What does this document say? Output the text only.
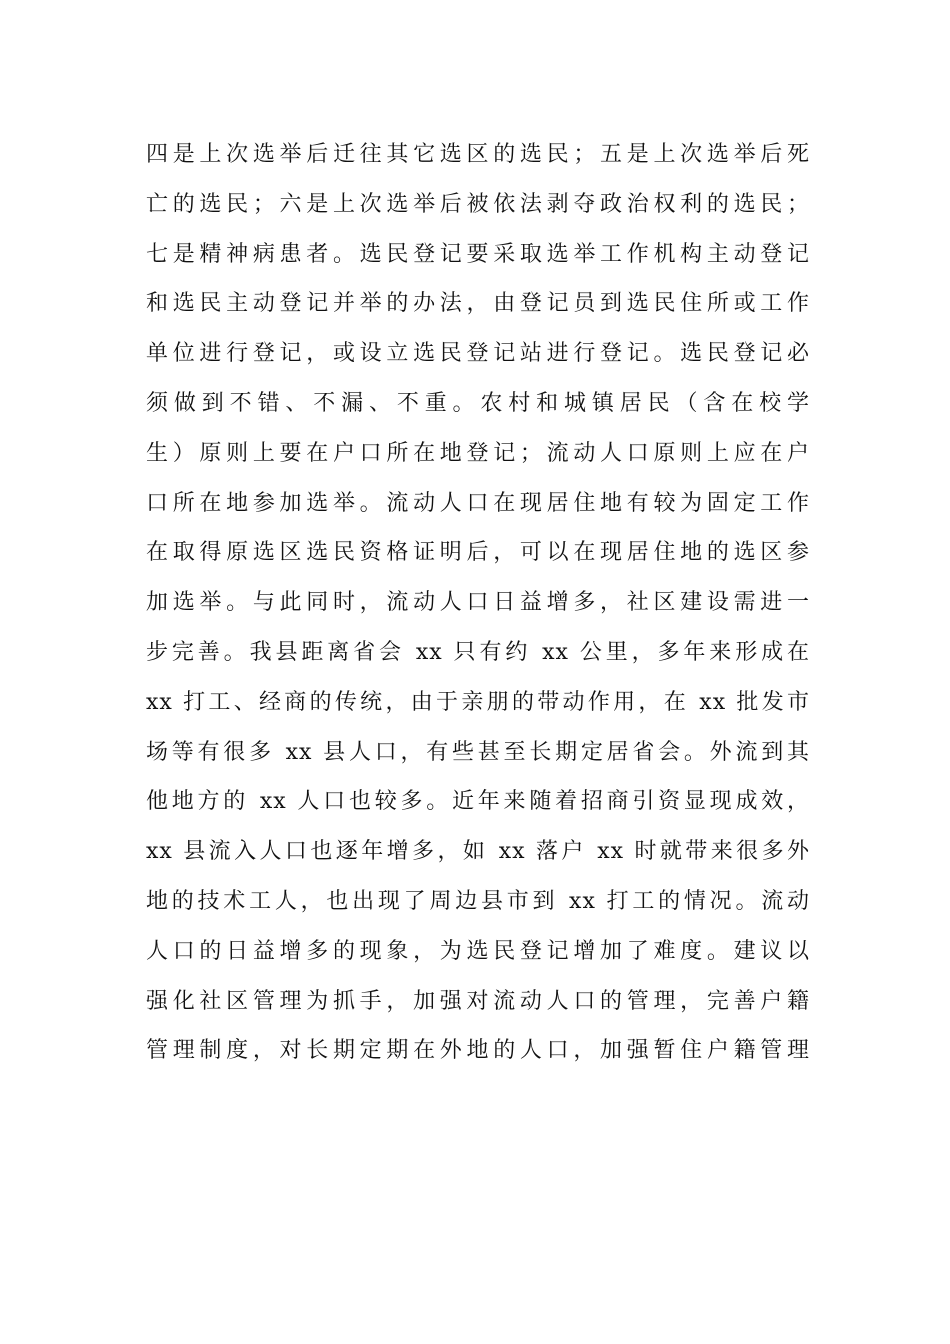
四是上次选举后迁往其它选区的选民；五是上次选举后死
亡的选民；六是上次选举后被依法剥夺政治权利的选民；
七是精神病患者。选民登记要采取选举工作机构主动登记
和选民主动登记并举的办法，由登记员到选民住所或工作
单位进行登记，或设立选民登记站进行登记。选民登记必
须做到不错、不漏、不重。农村和城镇居民（含在校学
生）原则上要在户口所在地登记；流动人口原则上应在户
口所在地参加选举。流动人口在现居住地有较为固定工作
在取得原选区选民资格证明后，可以在现居住地的选区参
加选举。与此同时，流动人口日益增多，社区建设需进一
步完善。我县距离省会 xx 只有约 xx 公里，多年来形成在
xx 打工、经商的传统，由于亲朋的带动作用，在 xx 批发市
场等有很多 xx 县人口，有些甚至长期定居省会。外流到其
他地方的 xx 人口也较多。近年来随着招商引资显现成效，
xx 县流入人口也逐年增多，如 xx 落户 xx 时就带来很多外
地的技术工人，也出现了周边县市到 xx 打工的情况。流动
人口的日益增多的现象，为选民登记增加了难度。建议以
强化社区管理为抓手，加强对流动人口的管理，完善户籍
管理制度，对长期定期在外地的人口，加强暂住户籍管理
